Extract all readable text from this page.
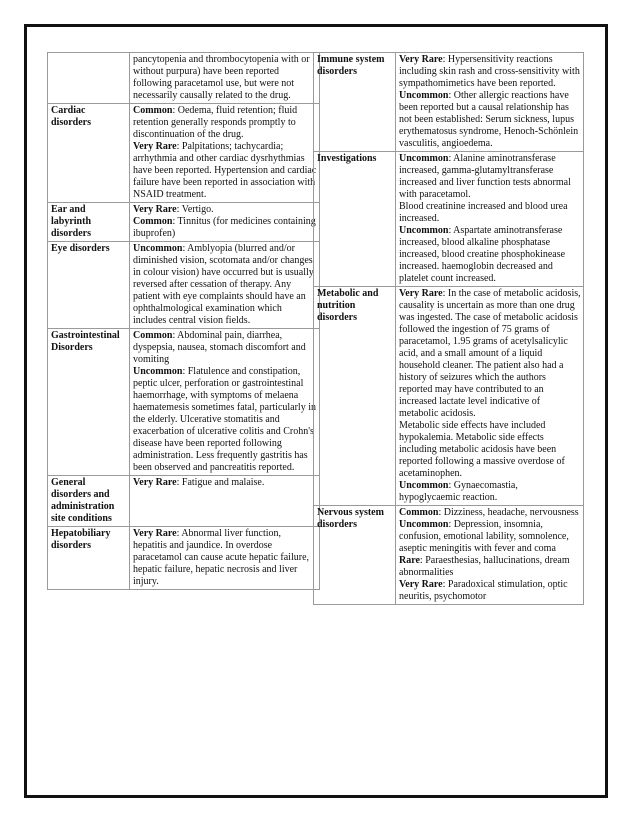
	pancytopenia and thrombocytopenia with or without purpura) have been reported following paracetamol use, but were not necessarily causally related to the drug.

Cardiac disorders	Common: Oedema, fluid retention; fluid retention generally responds promptly to discontinuation of the drug.
Very Rare: Palpitations; tachycardia; arrhythmia and other cardiac dysrhythmias have been reported. Hypertension and cardiac failure have been reported in association with NSAID treatment.

Ear and labyrinth disorders	Very Rare: Vertigo.
Common: Tinnitus (for medicines containing ibuprofen)

Eye disorders	Uncommon: Amblyopia (blurred and/or diminished vision, scotomata and/or changes in colour vision) have occurred but is usually reversed after cessation of therapy. Any patient with eye complaints should have an ophthalmological examination which includes central vision fields.

Gastrointestinal Disorders	Common: Abdominal pain, diarrhea, dyspepsia, nausea, stomach discomfort and vomiting
Uncommon: Flatulence and constipation, peptic ulcer, perforation or gastrointestinal haemorrhage, with symptoms of melaena haematemesis sometimes fatal, particularly in the elderly. Ulcerative stomatitis and exacerbation of ulcerative colitis and Crohn's disease have been reported following administration. Less frequently gastritis has been observed and pancreatitis reported.

General disorders and administration site conditions	Very Rare: Fatigue and malaise.

Hepatobiliary disorders	Very Rare: Abnormal liver function, hepatitis and jaundice. In overdose paracetamol can cause acute hepatic failure, hepatic failure, hepatic necrosis and liver injury.
Immune system disorders	Very Rare: Hypersensitivity reactions including skin rash and cross-sensitivity with sympathomimetics have been reported.
Uncommon: Other allergic reactions have been reported but a causal relationship has not been established: Serum sickness, lupus erythematosus syndrome, Henoch-Schönlein vasculitis, angioedema.

Investigations	Uncommon: Alanine aminotransferase increased, gamma-glutamyltransferase increased and liver function tests abnormal with paracetamol.
Blood creatinine increased and blood urea increased.
Uncommon: Aspartate aminotransferase increased, blood alkaline phosphatase increased, blood creatine phosphokinease increased. haemoglobin decreased and platelet count increased.

Metabolic and nutrition disorders	Very Rare: In the case of metabolic acidosis, causality is uncertain as more than one drug was ingested. The case of metabolic acidosis followed the ingestion of 75 grams of paracetamol, 1.95 grams of acetylsalicylic acid, and a small amount of a liquid household cleaner. The patient also had a history of seizures which the authors reported may have contributed to an increased lactate level indicative of metabolic acidosis.
Metabolic side effects have included hypokalemia. Metabolic side effects including metabolic acidosis have been reported following a massive overdose of acetaminophen.
Uncommon: Gynaecomastia, hypoglycaemic reaction.

Nervous system disorders	Common: Dizziness, headache, nervousness
Uncommon: Depression, insomnia, confusion, emotional lability, somnolence, aseptic meningitis with fever and coma
Rare: Paraesthesias, hallucinations, dream abnormalities
Very Rare: Paradoxical stimulation, optic neuritis, psychomotor
